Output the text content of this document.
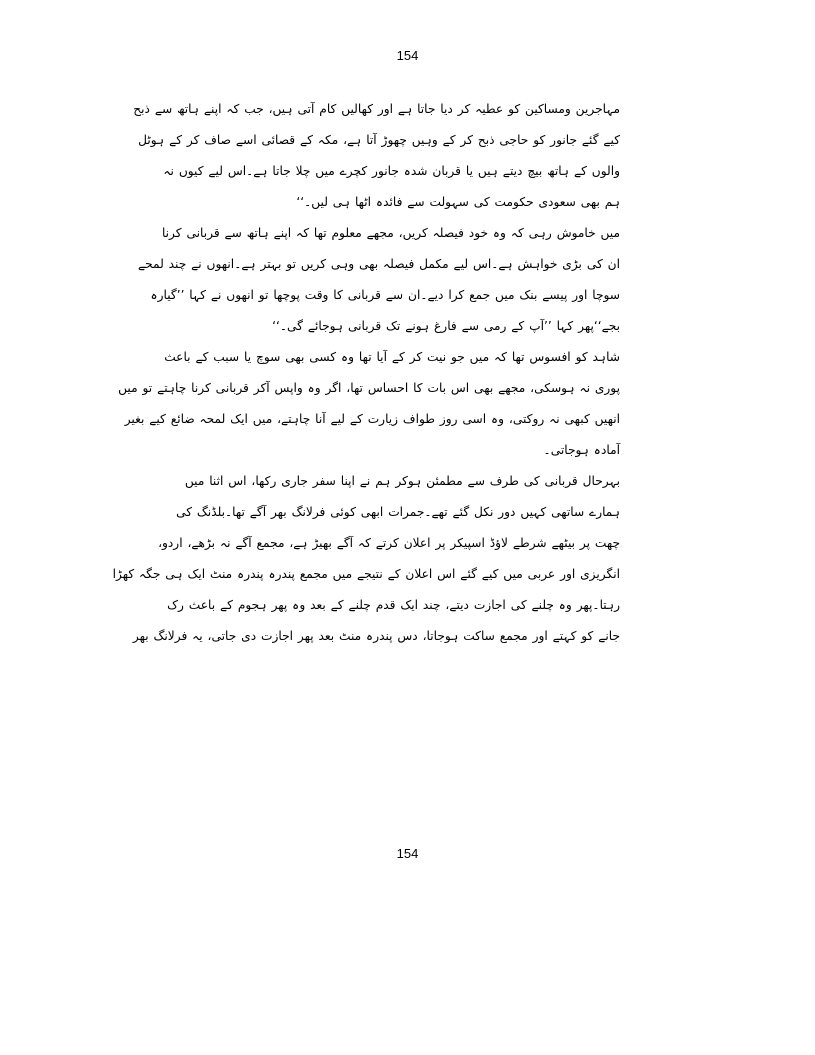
154
مہاجرین ومساکین کو عطیہ کر دیا جاتا ہے اور کھالیں کام آتی ہیں، جب کہ اپنے ہاتھ سے ذبح
کیے گئے جانور کو حاجی ذبح کر کے وہیں چھوڑ آتا ہے، مکہ کے قصائی اسے صاف کر کے ہوٹل
والوں کے ہاتھ بیچ دیتے ہیں یا قربان شدہ جانور کچرے میں چلا جاتا ہے۔اس لیے کیوں نہ
ہم بھی سعودی حکومت کی سہولت سے فائدہ اٹھا ہی لیں۔‘‘
میں خاموش رہی کہ وہ خود فیصلہ کریں، مجھے معلوم تھا کہ اپنے ہاتھ سے قربانی کرنا
ان کی بڑی خواہش ہے۔اس لیے مکمل فیصلہ بھی وہی کریں تو بہتر ہے۔انھوں نے چند لمحے
سوچا اور پیسے بنک میں جمع کرا دیے۔ان سے قربانی کا وقت پوچھا تو انھوں نے کہا ’’گیارہ
بجے‘‘پھر کہا ’’آپ کے رمی سے فارغ ہونے تک قربانی ہوجائے گی۔‘‘
شاہد کو افسوس تھا کہ میں جو نیت کر کے آیا تھا وہ کسی بھی سوچ یا سبب کے باعث
پوری نہ ہوسکی، مجھے بھی اس بات کا احساس تھا، اگر وہ واپس آکر قربانی کرنا چاہتے تو میں
انھیں کبھی نہ روکتی، وہ اسی روز طواف زیارت کے لیے آنا چاہتے، میں ایک لمحہ ضائع کیے بغیر
آمادہ ہوجاتی۔
بہرحال قربانی کی طرف سے مطمئن ہوکر ہم نے اپنا سفر جاری رکھا، اس اثنا میں
ہمارے ساتھی کہیں دور نکل گئے تھے۔جمرات ابھی کوئی فرلانگ بھر آگے تھا۔بلڈنگ کی
چھت پر بیٹھے شرطے لاؤڈ اسپیکر پر اعلان کرتے کہ آگے بھیڑ ہے، مجمع آگے نہ بڑھے، اردو،
انگریزی اور عربی میں کیے گئے اس اعلان کے نتیجے میں مجمع پندرہ پندرہ منٹ ایک ہی جگہ کھڑا
رہتا۔پھر وہ چلنے کی اجازت دیتے، چند ایک قدم چلنے کے بعد وہ پھر ہجوم کے باعث رک
جانے کو کہتے اور مجمع ساکت ہوجاتا، دس پندرہ منٹ بعد پھر اجازت دی جاتی، یہ فرلانگ بھر
154
